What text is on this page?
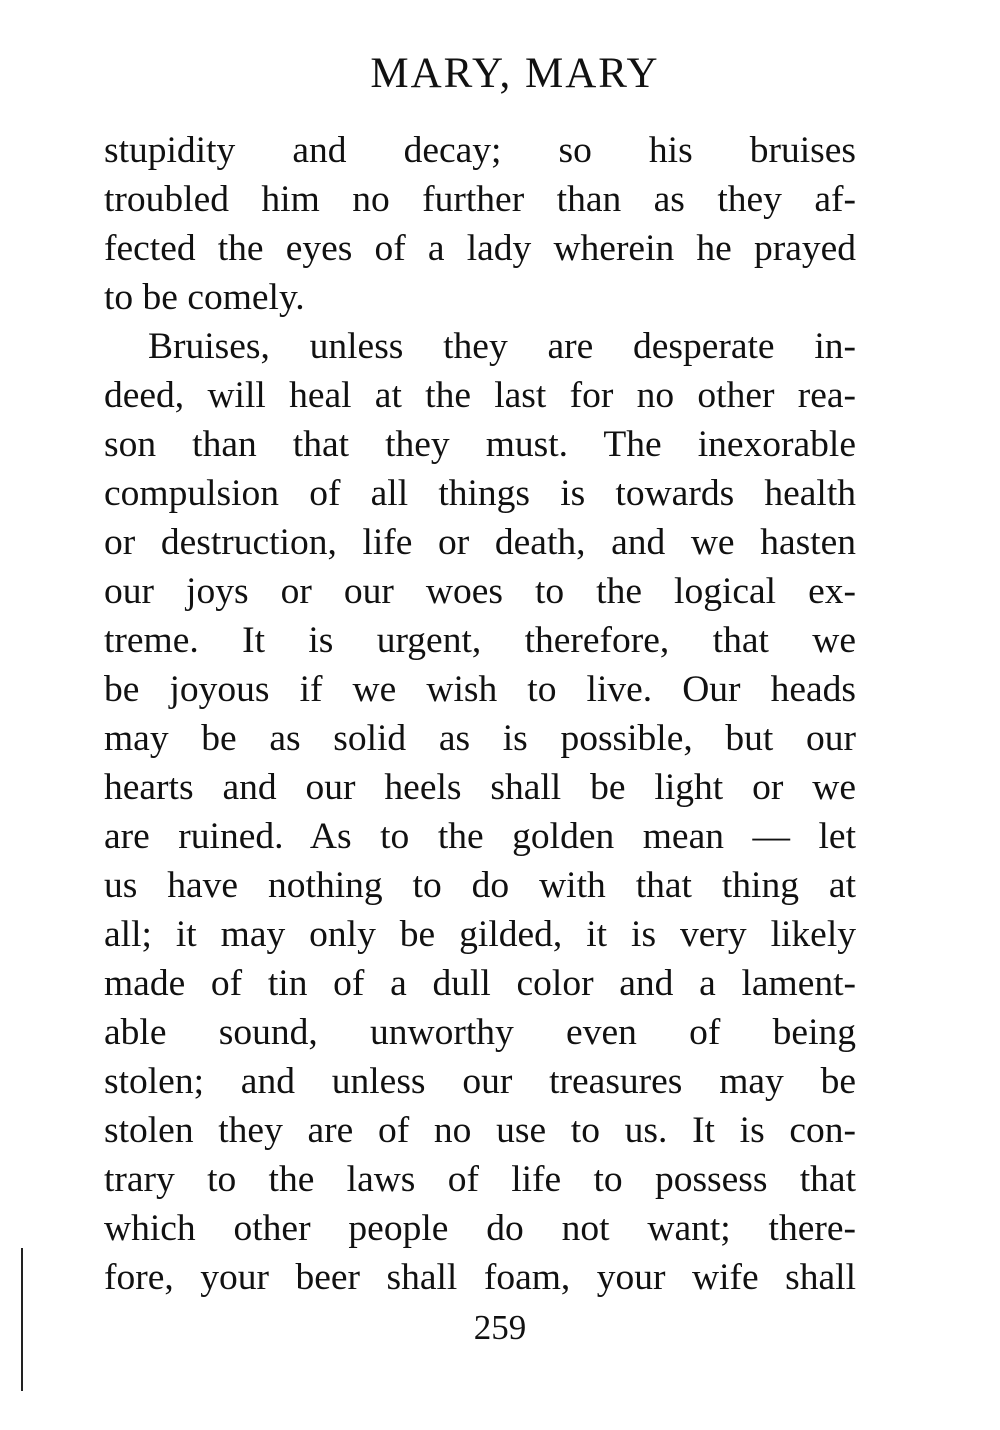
MARY, MARY
stupidity and decay; so his bruises
troubled him no further than as they af-
fected the eyes of a lady wherein he prayed
to be comely.
Bruises, unless they are desperate in-
deed, will heal at the last for no other rea-
son than that they must. The inexorable
compulsion of all things is towards health
or destruction, life or death, and we hasten
our joys or our woes to the logical ex-
treme. It is urgent, therefore, that we
be joyous if we wish to live. Our heads
may be as solid as is possible, but our
hearts and our heels shall be light or we
are ruined. As to the golden mean — let
us have nothing to do with that thing at
all; it may only be gilded, it is very likely
made of tin of a dull color and a lament-
able sound, unworthy even of being
stolen; and unless our treasures may be
stolen they are of no use to us. It is con-
trary to the laws of life to possess that
which other people do not want; there-
fore, your beer shall foam, your wife shall
259
